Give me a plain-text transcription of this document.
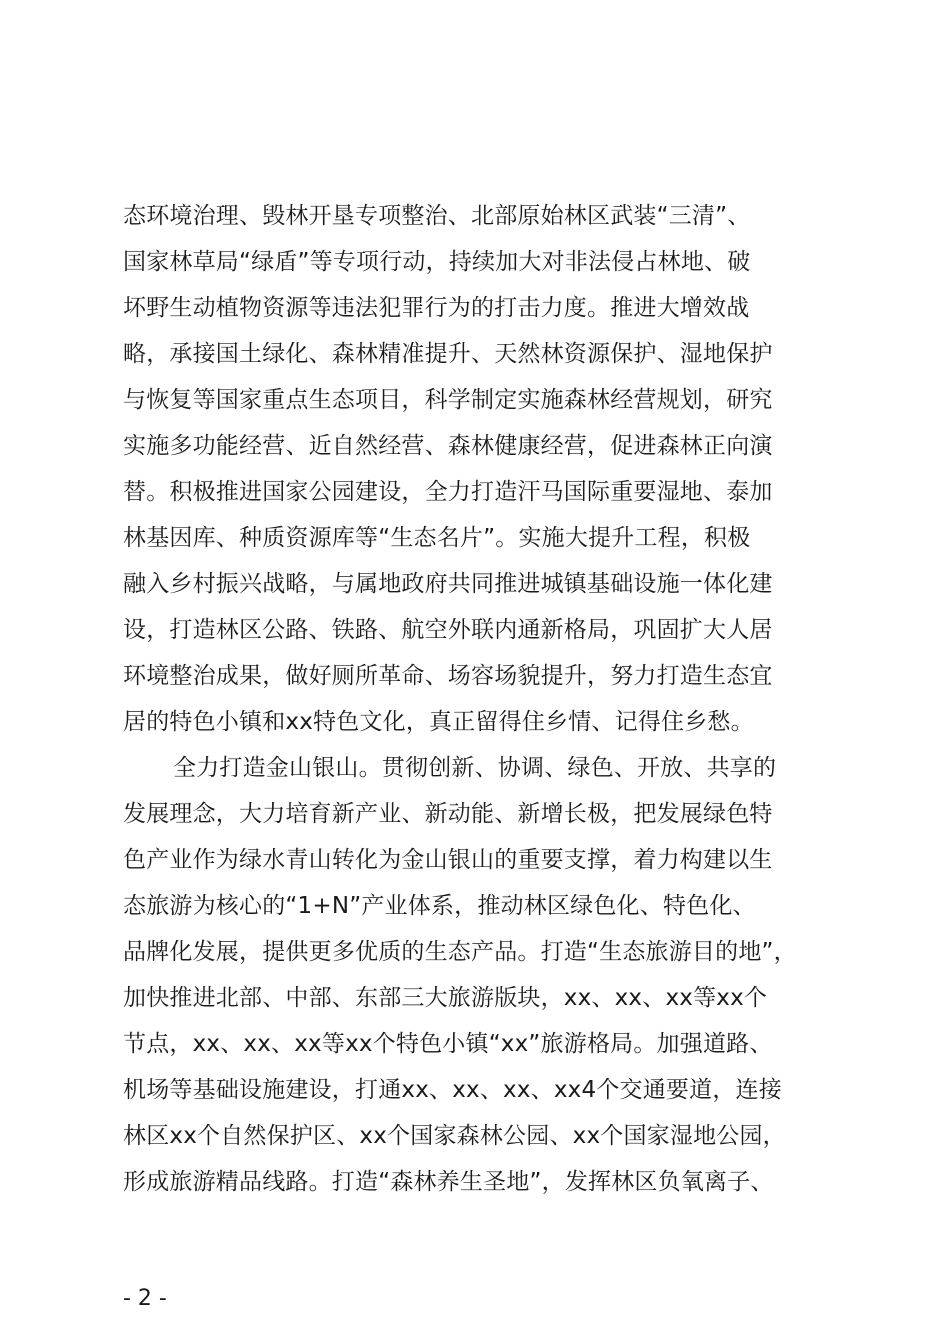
态环境治理、毁林开垦专项整治、北部原始林区武装“三清”、
国家林草局“绿盾”等专项行动，持续加大对非法侵占林地、破
坏野生动植物资源等违法犯罪行为的打击力度。推进大增效战
略，承接国土绿化、森林精准提升、天然林资源保护、湿地保护
与恢复等国家重点生态项目，科学制定实施森林经营规划，研究
实施多功能经营、近自然经营、森林健康经营，促进森林正向演
替。积极推进国家公园建设，全力打造汗马国际重要湿地、泰加
林基因库、种质资源库等“生态名片”。实施大提升工程，积极
融入乡村振兴战略，与属地政府共同推进城镇基础设施一体化建
设，打造林区公路、铁路、航空外联内通新格局，巩固扩大人居
环境整治成果，做好厕所革命、场容场貌提升，努力打造生态宜
居的特色小镇和xx特色文化，真正留得住乡情、记得住乡愁。
全力打造金山银山。贯彻创新、协调、绿色、开放、共享的
发展理念，大力培育新产业、新动能、新增长极，把发展绿色特
色产业作为绿水青山转化为金山银山的重要支撑，着力构建以生
态旅游为核心的“1+N”产业体系，推动林区绿色化、特色化、
品牌化发展，提供更多优质的生态产品。打造“生态旅游目的地”，
加快推进北部、中部、东部三大旅游版块，xx、xx、xx等xx个
节点，xx、xx、xx等xx个特色小镇“xx”旅游格局。加强道路、
机场等基础设施建设，打通xx、xx、xx、xx4个交通要道，连接
林区xx个自然保护区、xx个国家森林公园、xx个国家湿地公园，
形成旅游精品线路。打造“森林养生圣地”，发挥林区负氧离子、
- 2 -
